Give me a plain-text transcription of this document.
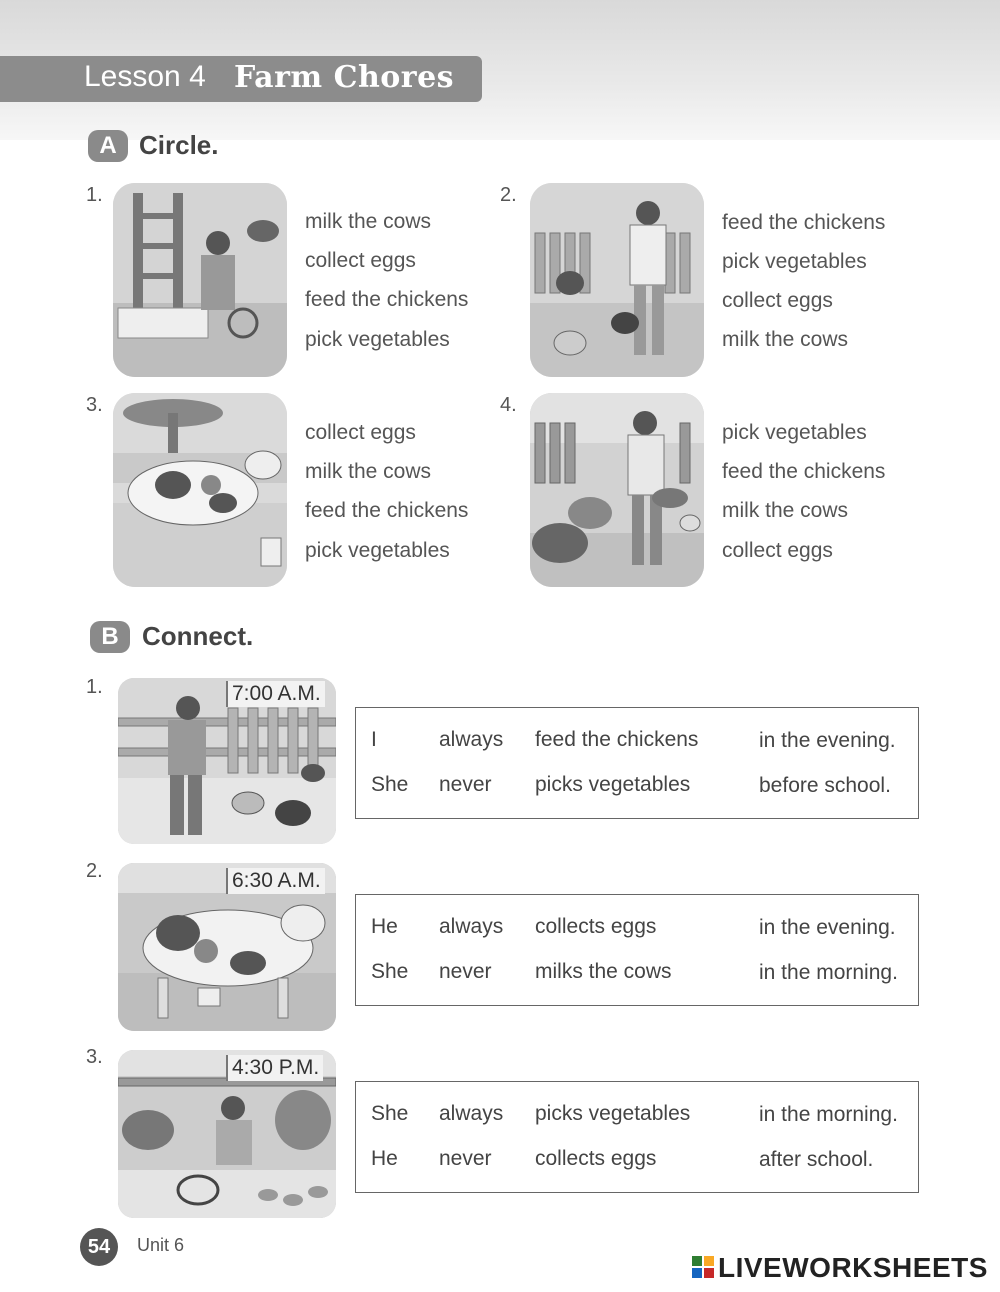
Lesson 4 Farm Chores
A Circle.
1.
milk the cows
collect eggs
feed the chickens
pick vegetables
2.
feed the chickens
pick vegetables
collect eggs
milk the cows
3.
collect eggs
milk the cows
feed the chickens
pick vegetables
4.
pick vegetables
feed the chickens
milk the cows
collect eggs
B Connect.
1.	7:00 A.M.
I	always feed the chickens	in the evening.
She never picks vegetables	before school.
2.	6:30 A.M.
He always collects eggs	in the evening.
She never milks the cows	in the morning.
3.	4:30 P.M.
She always picks vegetables	in the morning.
He never collects eggs	after school.
54	Unit 6
LIVEWORKSHEETS
